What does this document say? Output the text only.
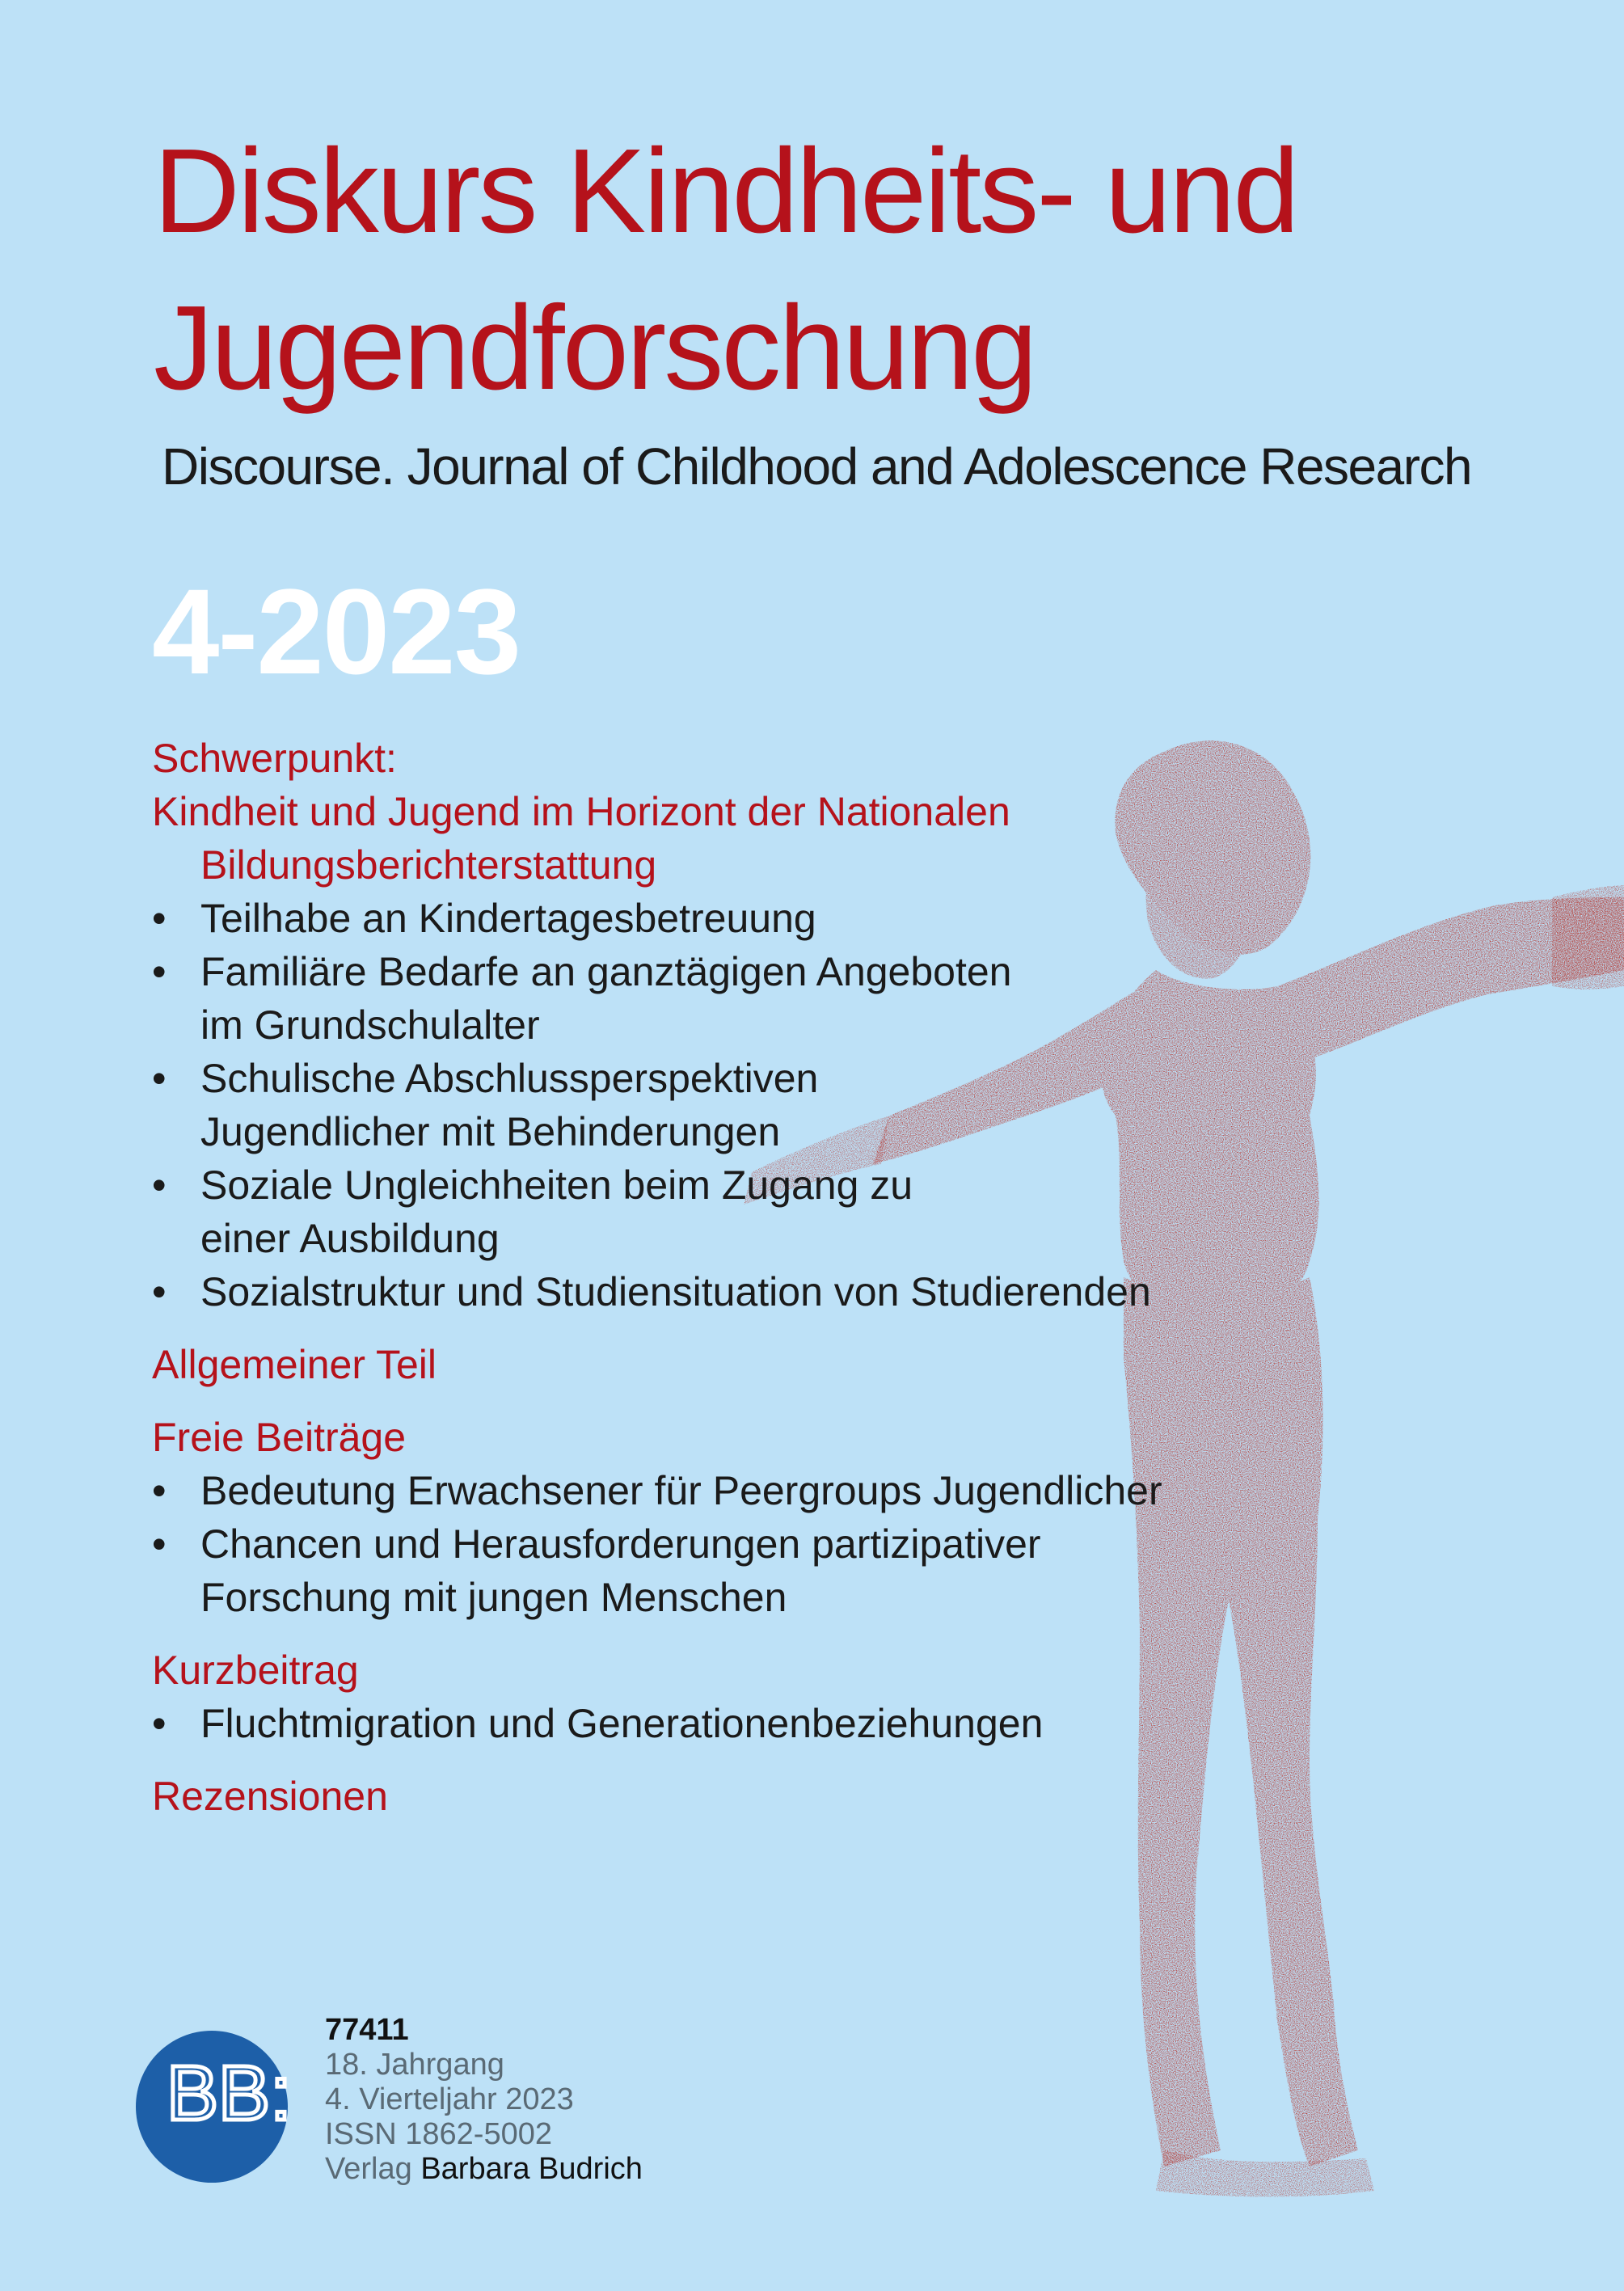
Diskurs Kindheits- und
Jugendforschung
Discourse. Journal of Childhood and Adolescence Research
4-2023
Schwerpunkt:
Kindheit und Jugend im Horizont der Nationalen
Bildungsberichterstattung
• Teilhabe an Kindertagesbetreuung
• Familiäre Bedarfe an ganztägigen Angeboten
im Grundschulalter
• Schulische Abschlussperspektiven
Jugendlicher mit Behinderungen
• Soziale Ungleichheiten beim Zugang zu
einer Ausbildung
• Sozialstruktur und Studiensituation von Studierenden
Allgemeiner Teil
Freie Beiträge
• Bedeutung Erwachsener für Peergroups Jugendlicher
• Chancen und Herausforderungen partizipativer
Forschung mit jungen Menschen
Kurzbeitrag
• Fluchtmigration und Generationenbeziehungen
Rezensionen
BB:
77411
18. Jahrgang
4. Vierteljahr 2023
ISSN 1862-5002
Verlag Barbara Budrich
